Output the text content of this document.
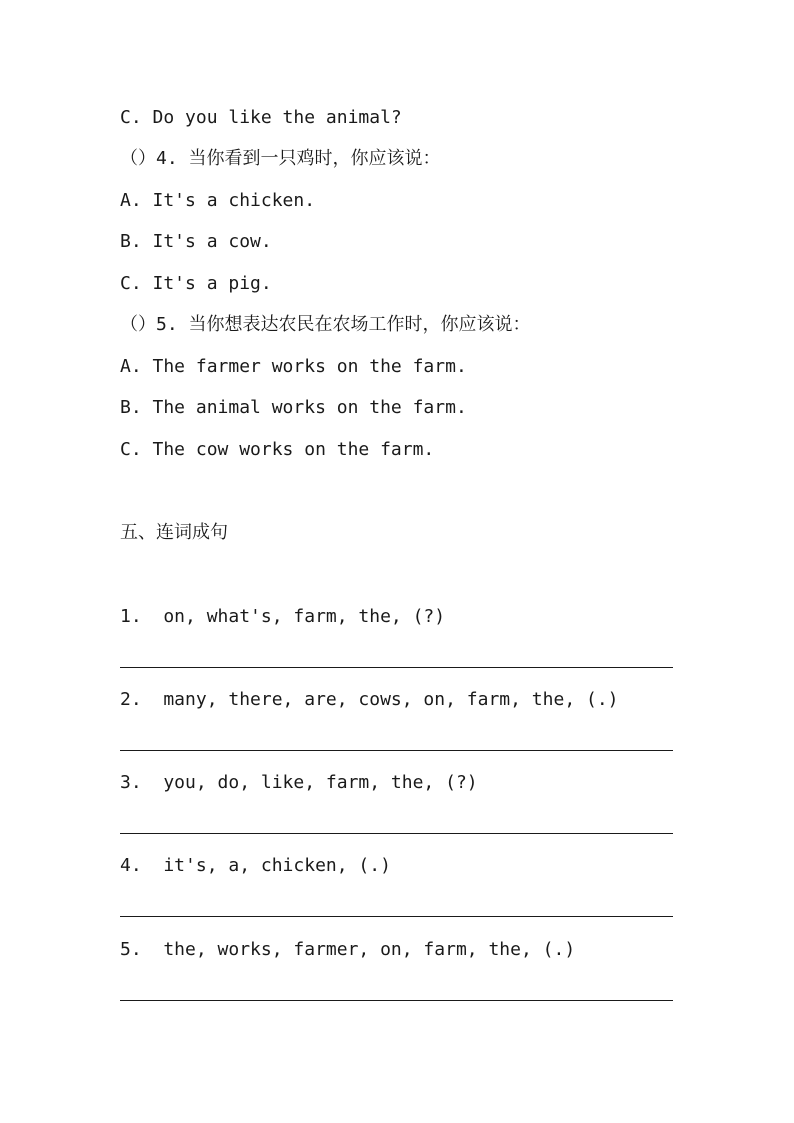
C. Do you like the animal?
（）4. 当你看到一只鸡时，你应该说：
A. It's a chicken.
B. It's a cow.
C. It's a pig.
（）5. 当你想表达农民在农场工作时，你应该说：
A. The farmer works on the farm.
B. The animal works on the farm.
C. The cow works on the farm.
五、连词成句
1.  on, what's, farm, the, (?)
2.  many, there, are, cows, on, farm, the, (.)
3.  you, do, like, farm, the, (?)
4.  it's, a, chicken, (.)
5.  the, works, farmer, on, farm, the, (.)
